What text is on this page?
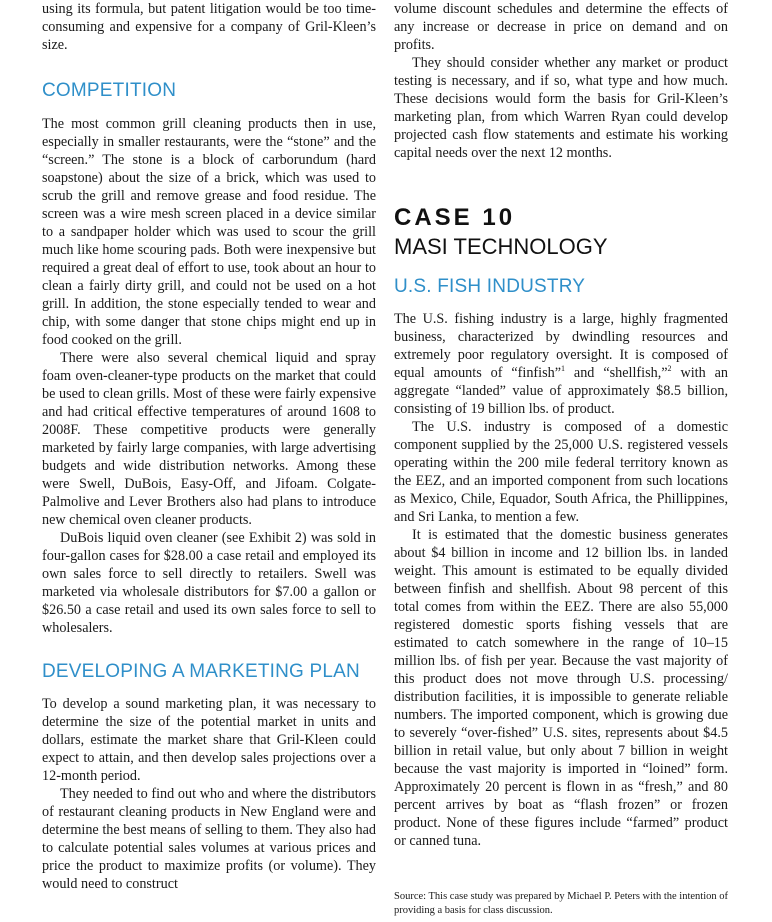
using its formula, but patent litigation would be too time-consuming and expensive for a company of Gril-Kleen’s size.

COMPETITION

The most common grill cleaning products then in use, especially in smaller restaurants, were the “stone” and the “screen.” The stone is a block of carborundum (hard soapstone) about the size of a brick, which was used to scrub the grill and remove grease and food residue. The screen was a wire mesh screen placed in a device similar to a sandpaper holder which was used to scour the grill much like home scouring pads. Both were inexpensive but required a great deal of effort to use, took about an hour to clean a fairly dirty grill, and could not be used on a hot grill. In addition, the stone especially tended to wear and chip, with some danger that stone chips might end up in food cooked on the grill.

There were also several chemical liquid and spray foam oven-cleaner-type products on the market that could be used to clean grills. Most of these were fairly expensive and had critical effective temperatures of around 1608 to 2008F. These competitive products were generally marketed by fairly large companies, with large advertising budgets and wide distribution networks. Among these were Swell, DuBois, Easy-Off, and Jifoam. Colgate-Palmolive and Lever Brothers also had plans to introduce new chemical oven cleaner products.

DuBois liquid oven cleaner (see Exhibit 2) was sold in four-gallon cases for $28.00 a case retail and employed its own sales force to sell directly to retailers. Swell was marketed via wholesale distributors for $7.00 a gallon or $26.50 a case retail and used its own sales force to sell to wholesalers.

DEVELOPING A MARKETING PLAN

To develop a sound marketing plan, it was necessary to determine the size of the potential market in units and dollars, estimate the market share that Gril-Kleen could expect to attain, and then develop sales projections over a 12-month period.

They needed to find out who and where the distributors of restaurant cleaning products in New England were and determine the best means of selling to them. They also had to calculate potential sales volumes at various prices and price the product to maximize profits (or volume). They would need to construct

volume discount schedules and determine the effects of any increase or decrease in price on demand and on profits.

They should consider whether any market or product testing is necessary, and if so, what type and how much. These decisions would form the basis for Gril-Kleen’s marketing plan, from which Warren Ryan could develop projected cash flow statements and estimate his working capital needs over the next 12 months.

CASE 10
MASI TECHNOLOGY
U.S. FISH INDUSTRY

The U.S. fishing industry is a large, highly fragmented business, characterized by dwindling resources and extremely poor regulatory oversight. It is composed of equal amounts of “finfish”$^1$ and “shellfish,”$^2$ with an aggregate “landed” value of approximately $8.5 billion, consisting of 19 billion lbs. of product.

The U.S. industry is composed of a domestic component supplied by the 25,000 U.S. registered vessels operating within the 200 mile federal territory known as the EEZ, and an imported component from such locations as Mexico, Chile, Equador, South Africa, the Phillippines, and Sri Lanka, to mention a few.

It is estimated that the domestic business generates about $4 billion in income and 12 billion lbs. in landed weight. This amount is estimated to be equally divided between finfish and shellfish. About 98 percent of this total comes from within the EEZ. There are also 55,000 registered domestic sports fishing vessels that are estimated to catch somewhere in the range of 10–15 million lbs. of fish per year. Because the vast majority of this product does not move through U.S. processing/ distribution facilities, it is impossible to generate reliable numbers. The imported component, which is growing due to severely “over-fished” U.S. sites, represents about $4.5 billion in retail value, but only about 7 billion in weight because the vast majority is imported in “loined” form. Approximately 20 percent is flown in as “fresh,” and 80 percent arrives by boat as “flash frozen” or frozen product. None of these figures include “farmed” product or canned tuna.

Source: This case study was prepared by Michael P. Peters with the intention of providing a basis for class discussion.
